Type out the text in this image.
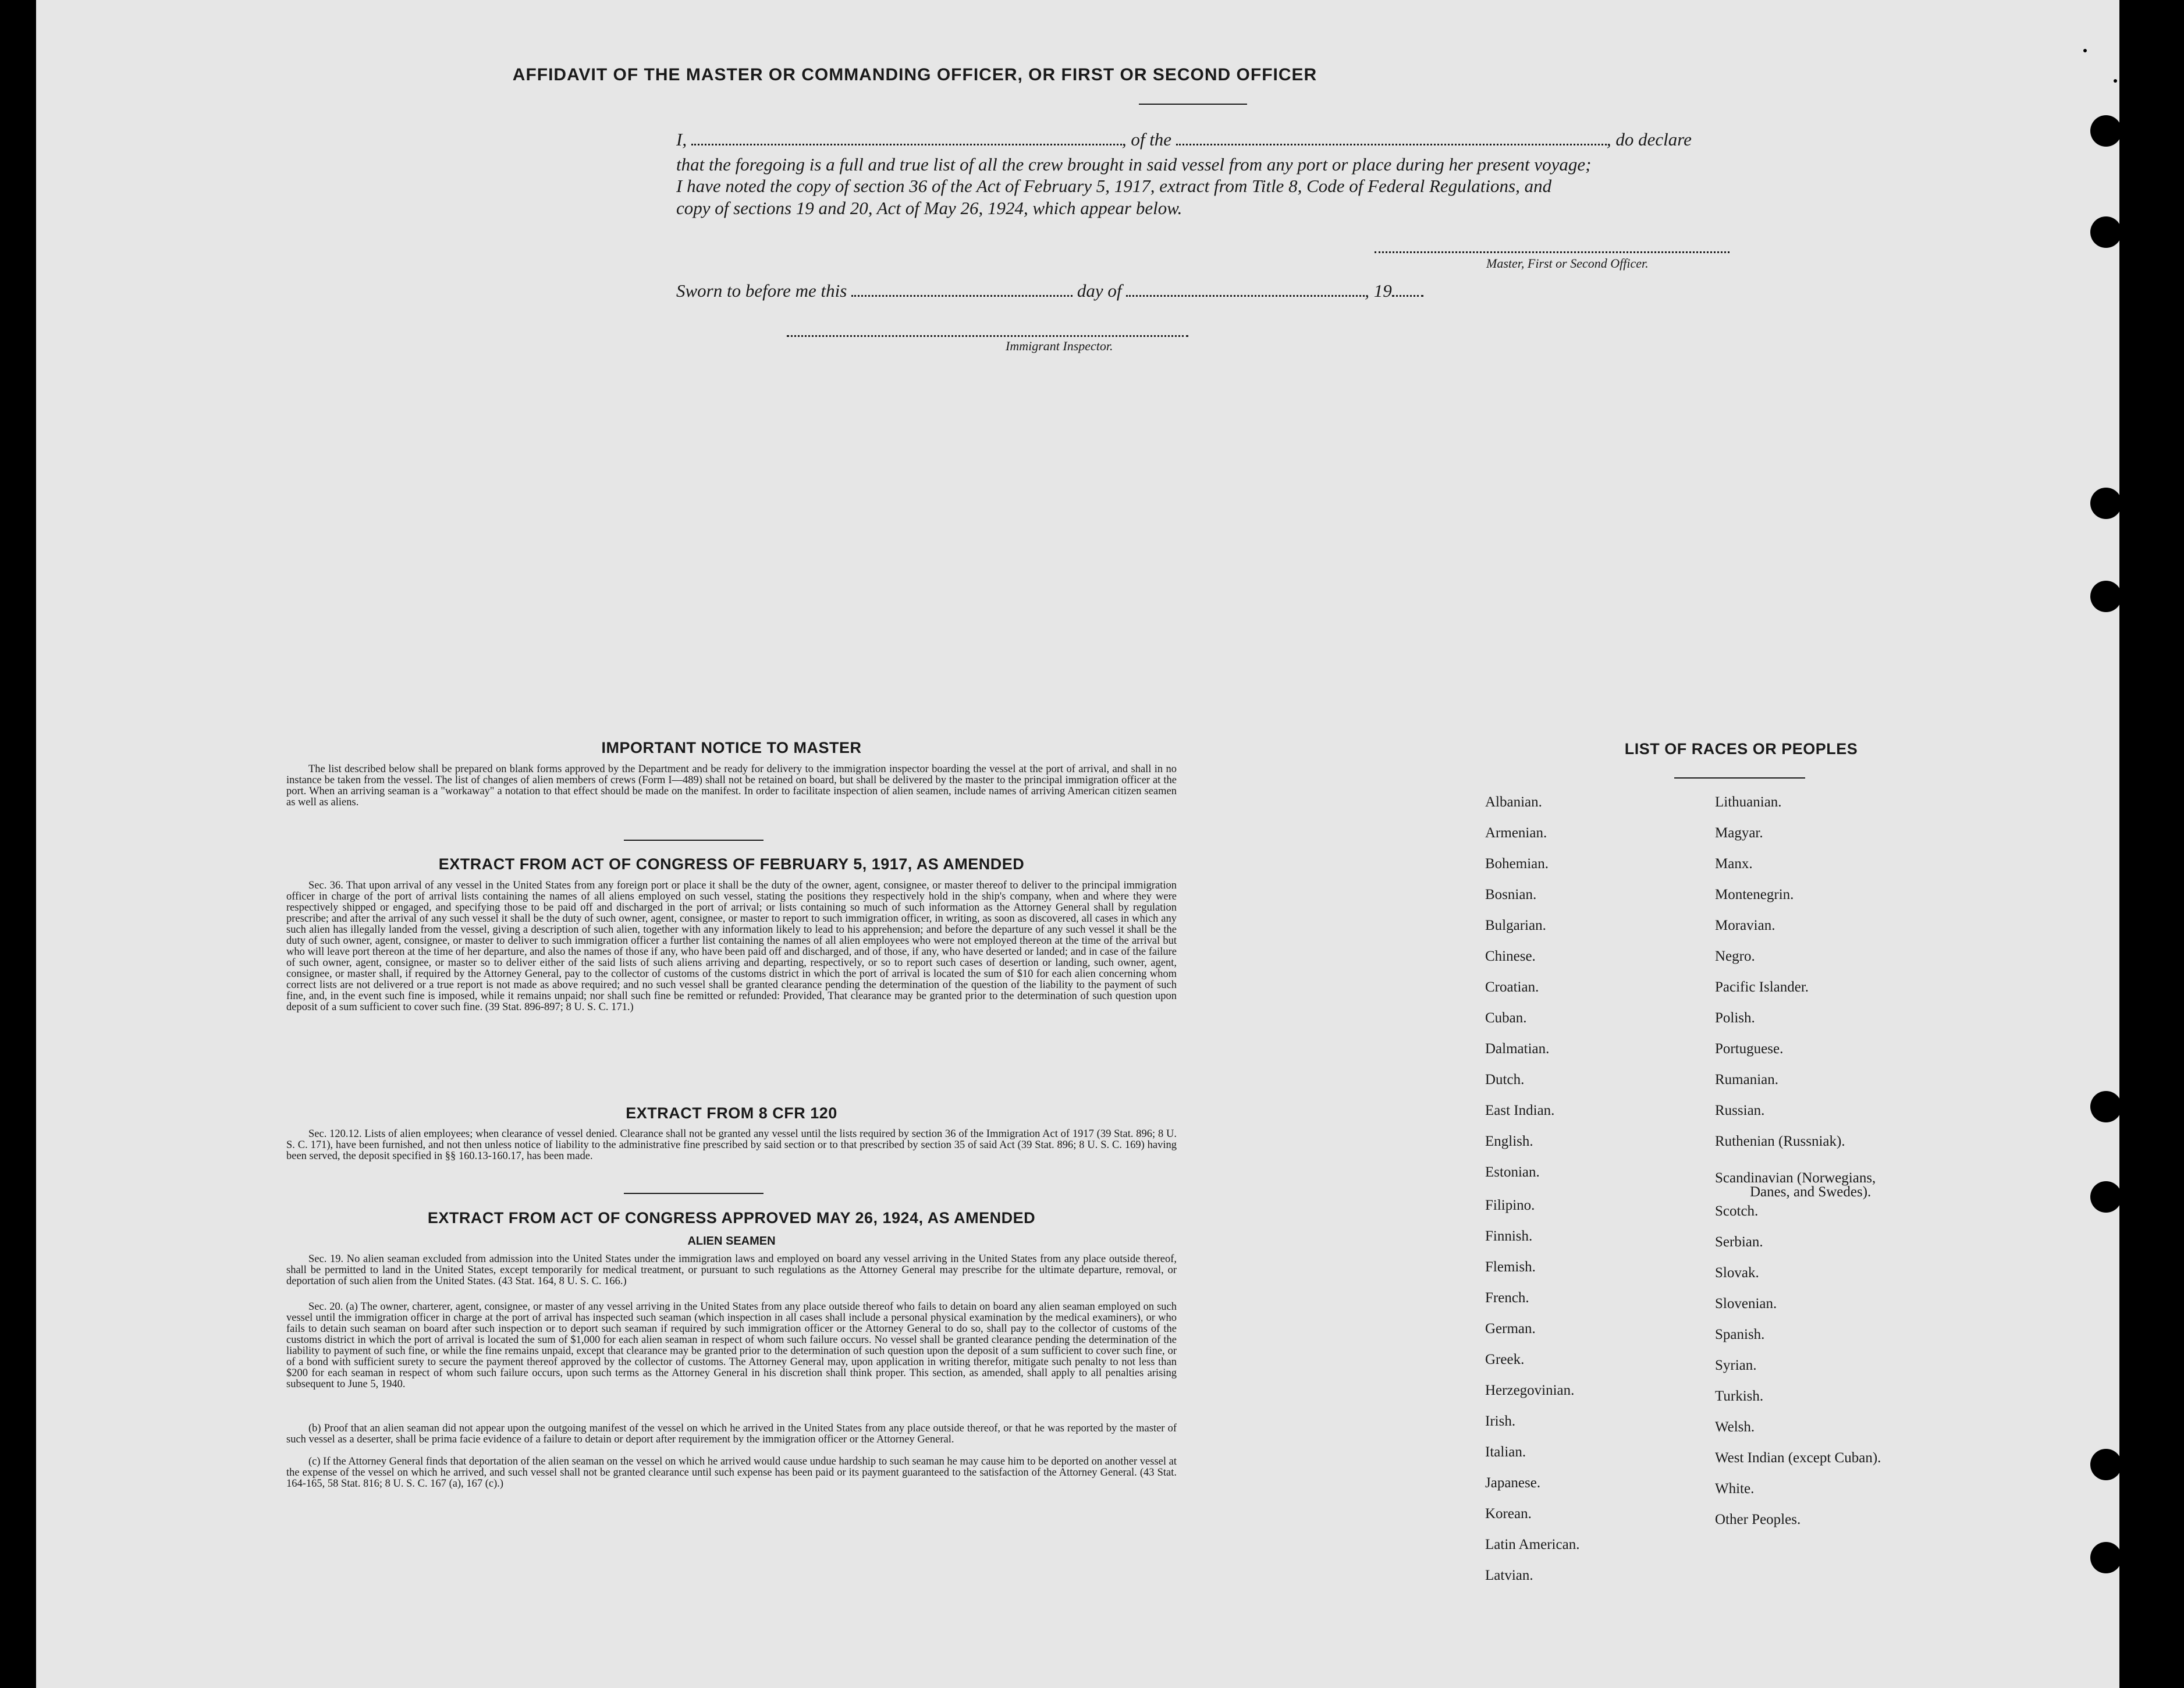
AFFIDAVIT OF THE MASTER OR COMMANDING OFFICER, OR FIRST OR SECOND OFFICER
I,	, of the	, do declare
that the foregoing is a full and true list of all the crew brought in said vessel from any port or place during her present voyage;
I have noted the copy of section 36 of the Act of February 5, 1917, extract from Title 8, Code of Federal Regulations, and
copy of sections 19 and 20, Act of May 26, 1924, which appear below.
Master, First or Second Officer.
Sworn to before me this	day of	, 19
Immigrant Inspector.
IMPORTANT NOTICE TO MASTER

The list described below shall be prepared on blank forms approved by the Department and be ready for delivery to the immigration inspector boarding the vessel at the port of arrival, and shall in no instance be taken from the vessel. The list of changes of alien members of crews (Form I—489) shall not be retained on board, but shall be delivered by the master to the principal immigration officer at the port. When an arriving seaman is a "workaway" a notation to that effect should be made on the manifest. In order to facilitate inspection of alien seamen, include names of arriving American citizen seamen as well as aliens.

EXTRACT FROM ACT OF CONGRESS OF FEBRUARY 5, 1917, AS AMENDED

Sec. 36. That upon arrival of any vessel in the United States from any foreign port or place it shall be the duty of the owner, agent, consignee, or master thereof to deliver to the principal immigration officer in charge of the port of arrival lists containing the names of all aliens employed on such vessel, stating the positions they respectively hold in the ship's company, when and where they were respectively shipped or engaged, and specifying those to be paid off and discharged in the port of arrival; or lists containing so much of such information as the Attorney General shall by regulation prescribe; and after the arrival of any such vessel it shall be the duty of such owner, agent, consignee, or master to report to such immigration officer, in writing, as soon as discovered, all cases in which any such alien has illegally landed from the vessel, giving a description of such alien, together with any information likely to lead to his apprehension; and before the departure of any such vessel it shall be the duty of such owner, agent, consignee, or master to deliver to such immigration officer a further list containing the names of all alien employees who were not employed thereon at the time of the arrival but who will leave port thereon at the time of her departure, and also the names of those if any, who have been paid off and discharged, and of those, if any, who have deserted or landed; and in case of the failure of such owner, agent, consignee, or master so to deliver either of the said lists of such aliens arriving and departing, respectively, or so to report such cases of desertion or landing, such owner, agent, consignee, or master shall, if required by the Attorney General, pay to the collector of customs of the customs district in which the port of arrival is located the sum of $10 for each alien concerning whom correct lists are not delivered or a true report is not made as above required; and no such vessel shall be granted clearance pending the determination of the question of the liability to the payment of such fine, and, in the event such fine is imposed, while it remains unpaid; nor shall such fine be remitted or refunded: Provided, That clearance may be granted prior to the determination of such question upon deposit of a sum sufficient to cover such fine. (39 Stat. 896-897; 8 U. S. C. 171.)

EXTRACT FROM 8 CFR 120

Sec. 120.12. Lists of alien employees; when clearance of vessel denied. Clearance shall not be granted any vessel until the lists required by section 36 of the Immigration Act of 1917 (39 Stat. 896; 8 U. S. C. 171), have been furnished, and not then unless notice of liability to the administrative fine prescribed by said section or to that prescribed by section 35 of said Act (39 Stat. 896; 8 U. S. C. 169) having been served, the deposit specified in §§ 160.13-160.17, has been made.

EXTRACT FROM ACT OF CONGRESS APPROVED MAY 26, 1924, AS AMENDED
ALIEN SEAMEN

Sec. 19. No alien seaman excluded from admission into the United States under the immigration laws and employed on board any vessel arriving in the United States from any place outside thereof, shall be permitted to land in the United States, except temporarily for medical treatment, or pursuant to such regulations as the Attorney General may prescribe for the ultimate departure, removal, or deportation of such alien from the United States. (43 Stat. 164, 8 U. S. C. 166.)

Sec. 20. (a) The owner, charterer, agent, consignee, or master of any vessel arriving in the United States from any place outside thereof who fails to detain on board any alien seaman employed on such vessel until the immigration officer in charge at the port of arrival has inspected such seaman (which inspection in all cases shall include a personal physical examination by the medical examiners), or who fails to detain such seaman on board after such inspection or to deport such seaman if required by such immigration officer or the Attorney General to do so, shall pay to the collector of customs of the customs district in which the port of arrival is located the sum of $1,000 for each alien seaman in respect of whom such failure occurs. No vessel shall be granted clearance pending the determination of the liability to payment of such fine, or while the fine remains unpaid, except that clearance may be granted prior to the determination of such question upon the deposit of a sum sufficient to cover such fine, or of a bond with sufficient surety to secure the payment thereof approved by the collector of customs. The Attorney General may, upon application in writing therefor, mitigate such penalty to not less than $200 for each seaman in respect of whom such failure occurs, upon such terms as the Attorney General in his discretion shall think proper. This section, as amended, shall apply to all penalties arising subsequent to June 5, 1940.

(b) Proof that an alien seaman did not appear upon the outgoing manifest of the vessel on which he arrived in the United States from any place outside thereof, or that he was reported by the master of such vessel as a deserter, shall be prima facie evidence of a failure to detain or deport after requirement by the immigration officer or the Attorney General.

(c) If the Attorney General finds that deportation of the alien seaman on the vessel on which he arrived would cause undue hardship to such seaman he may cause him to be deported on another vessel at the expense of the vessel on which he arrived, and such vessel shall not be granted clearance until such expense has been paid or its payment guaranteed to the satisfaction of the Attorney General. (43 Stat. 164-165, 58 Stat. 816; 8 U. S. C. 167 (a), 167 (c).)

LIST OF RACES OR PEOPLES
Albanian.
Armenian.
Bohemian.
Bosnian.
Bulgarian.
Chinese.
Croatian.
Cuban.
Dalmatian.
Dutch.
East Indian.
English.
Estonian.
Filipino.
Finnish.
Flemish.
French.
German.
Greek.
Herzegovinian.
Irish.
Italian.
Japanese.
Korean.
Latin American.
Latvian.
Lithuanian.
Magyar.
Manx.
Montenegrin.
Moravian.
Negro.
Pacific Islander.
Polish.
Portuguese.
Rumanian.
Russian.
Ruthenian (Russniak).
Scandinavian (Norwegians,
Danes, and Swedes).
Scotch.
Serbian.
Slovak.
Slovenian.
Spanish.
Syrian.
Turkish.
Welsh.
West Indian (except Cuban).
White.
Other Peoples.
